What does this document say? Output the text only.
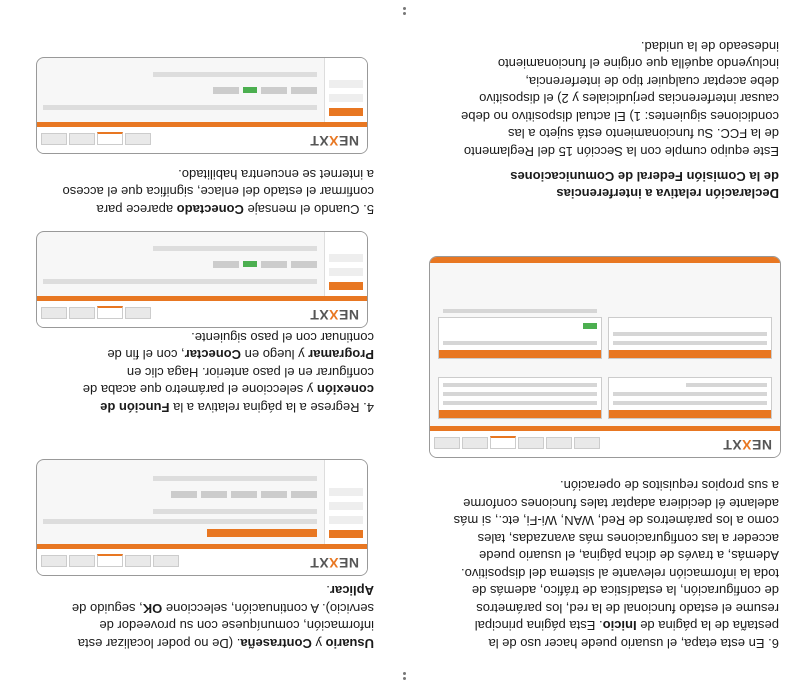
6. En esta etapa, el usuario puede hacer uso de la

pestaña de la página de Inicio. Esta página principal

resume el estado funcional de la red, los parámetros

de configuración, la estadística de tráfico, además de

toda la información relevante al sistema del dispositivo.

Además, a través de dicha página, el usuario puede

acceder a las configuraciones más avanzadas, tales

como a los parámetros de Red, WAN, Wi-Fi, etc., si más

adelante él decidiera adaptar tales funciones conforme

a sus propios requisitos de operación.

NEXXT
Declaración relativa a interferencias
de la Comisión Federal de Comunicaciones

Este equipo cumple con la Sección 15 del Reglamento

de la FCC. Su funcionamiento está sujeto a las

condiciones siguientes: 1) El actual dispositivo no debe

causar interferencias perjudiciales y 2) el dispositivo

debe aceptar cualquier tipo de interferencia,

incluyendo aquélla que origine el funcionamiento

indeseado de la unidad.

Usuario y Contraseña. (De no poder localizar esta

información, comuníquese con su proveedor de

servicio). A continuación, seleccione OK, seguido de

Aplicar.

NEXXT

4. Regrese a la página relativa a la Función de

conexión y seleccione el parámetro que acaba de

configurar en el paso anterior. Haga clic en

Programar y luego en Conectar, con el fin de

continuar con el paso siguiente.

NEXXT

5. Cuando el mensaje Conectado aparece para

confirmar el estado del enlace, significa que el acceso

a internet se encuentra habilitado.

NEXXT
